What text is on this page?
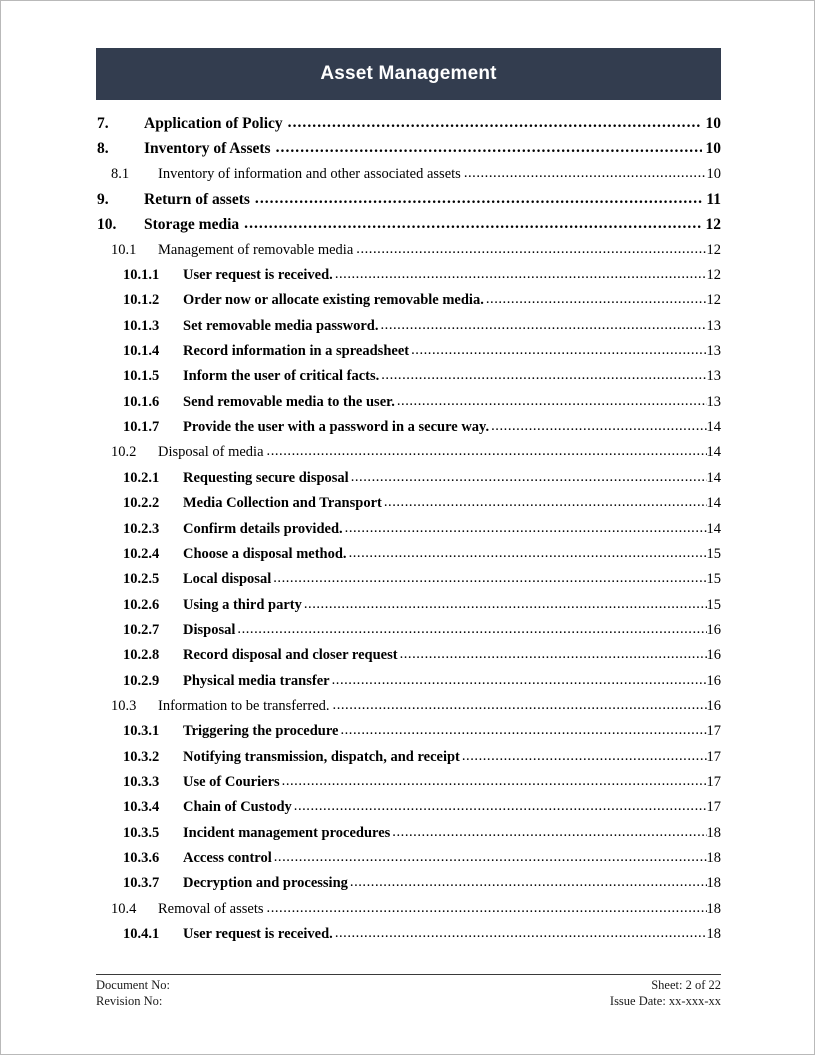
Asset Management
7.	Application of Policy .....	10
8.	Inventory of Assets .....	10
8.1	Inventory of information and other associated assets .....	10
9.	Return of assets .....	11
10.	Storage media .....	12
10.1	Management of removable media .....	12
10.1.1	User request is received. .....	12
10.1.2	Order now or allocate existing removable media. .....	12
10.1.3	Set removable media password. .....	13
10.1.4	Record information in a spreadsheet .....	13
10.1.5	Inform the user of critical facts. .....	13
10.1.6	Send removable media to the user. .....	13
10.1.7	Provide the user with a password in a secure way. .....	14
10.2	Disposal of media .....	14
10.2.1	Requesting secure disposal .....	14
10.2.2	Media Collection and Transport .....	14
10.2.3	Confirm details provided. .....	14
10.2.4	Choose a disposal method. .....	15
10.2.5	Local disposal .....	15
10.2.6	Using a third party .....	15
10.2.7	Disposal .....	16
10.2.8	Record disposal and closer request .....	16
10.2.9	Physical media transfer .....	16
10.3	Information to be transferred. .....	16
10.3.1	Triggering the procedure .....	17
10.3.2	Notifying transmission, dispatch, and receipt .....	17
10.3.3	Use of Couriers .....	17
10.3.4	Chain of Custody .....	17
10.3.5	Incident management procedures .....	18
10.3.6	Access control .....	18
10.3.7	Decryption and processing .....	18
10.4	Removal of assets .....	18
10.4.1	User request is received. .....	18
Document No:
Revision No:
Sheet: 2 of 22
Issue Date: xx-xxx-xx
